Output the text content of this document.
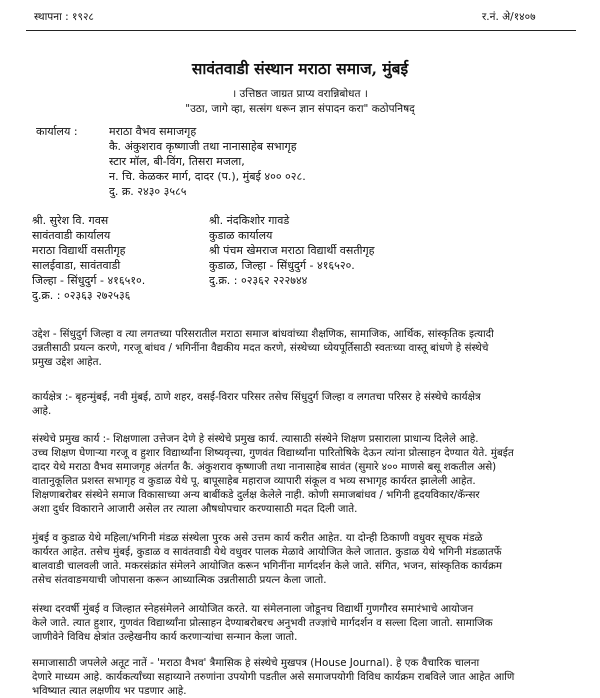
स्थापना : १९२८	र.नं. अे/१४०७
सावंतवाडी संस्थान मराठा समाज, मुंबई
। उत्तिष्ठत जाग्रत प्राप्य वरान्निबोधत ।
"उठा, जागे व्हा, सत्संग धरून ज्ञान संपादन करा" कठोपनिषद्
कार्यालय :	मराठा वैभव समाजगृह
कै. अंकुशराव कृष्णाजी तथा नानासाहेब सभागृह
स्टार मॉल, बी-विंग, तिसरा मजला,
न. चि. केळकर मार्ग, दादर (प.), मुंबई ४०० ०२८.
दु. क्र. २४३० ३५८५
श्री. सुरेश वि. गवस
सावंतवाडी कार्यालय
मराठा विद्यार्थी वसतीगृह
सालईवाडा, सावंतवाडी
जिल्हा - सिंधुदुर्ग - ४१६५१०.
दु.क्र. : ०२३६३ २७२५३६
श्री. नंदकिशोर गावडे
कुडाळ कार्यालय
श्री पंचम खेमराज मराठा विद्यार्थी वसतीगृह
कुडाळ, जिल्हा - सिंधुदुर्ग - ४१६५२०.
दु.क्र. : ०२३६२ २२२७४४
उद्देश - सिंधुदुर्ग जिल्हा व त्या लगतच्या परिसरातील मराठा समाज बांधवांच्या शैक्षणिक, सामाजिक, आर्थिक, सांस्कृतिक इत्यादी
उन्नतीसाठी प्रयत्न करणे, गरजू बांधव / भगिनींना वैद्यकीय मदत करणे, संस्थेच्या ध्येयपूर्तिसाठी स्वतःच्या वास्तू बांधणे हे संस्थेचे
प्रमुख उद्देश आहेत.
कार्यक्षेत्र :- बृहन्मुंबई, नवी मुंबई, ठाणे शहर, वसई-विरार परिसर तसेच सिंधुदुर्ग जिल्हा व लगतचा परिसर हे संस्थेचे कार्यक्षेत्र
आहे.
संस्थेचे प्रमुख कार्य :- शिक्षणाला उत्तेजन देणे हे संस्थेचे प्रमुख कार्य. त्यासाठी संस्थेने शिक्षण प्रसाराला प्राधान्य दिलेले आहे.
उच्च शिक्षण घेणाऱ्या गरजू व हुशार विद्यार्थ्यांना शिष्यवृत्त्या, गुणवंत विद्यार्थ्यांना पारितोषिके देऊन त्यांना प्रोत्साहन देण्यात येते. मुंबईत
दादर येथे मराठा वैभव समाजगृह अंतर्गत कै. अंकुशराव कृष्णाजी तथा नानासाहेब सावंत (सुमारे ४०० माणसे बसू शकतील असे)
वातानुकूलित प्रशस्त सभागृह व कुडाळ येथे पू. बापूसाहेब महाराज व्यापारी संकूल व भव्य सभागृह कार्यरत झालेली आहेत.
शिक्षणाबरोबर संस्थेने समाज विकासाच्या अन्य बाबींकडे दुर्लक्ष केलेले नाही. कोणी समाजबांधव / भगिनी हृदयविकार/कॅन्सर
अशा दुर्धर विकाराने आजारी असेल तर त्याला औषधोपचार करण्यासाठी मदत दिली जाते.
मुंबई व कुडाळ येथे महिला/भगिनी मंडळ संस्थेला पुरक असे उत्तम कार्य करीत आहेत. या दोन्ही ठिकाणी वधुवर सूचक मंडळे
कार्यरत आहेत. तसेच मुंबई, कुडाळ व सावंतवाडी येथे वधुवर पालक मेळावे आयोजित केले जातात. कुडाळ येथे भगिनी मंडळातर्फे
बालवाडी चालवली जाते. मकरसंक्रांत संमेलने आयोजित करून भगिनींना मार्गदर्शन केले जाते. संगित, भजन, सांस्कृतिक कार्यक्रम
तसेच संतवाङमयाची जोपासना करून आध्यात्मिक उन्नतीसाठी प्रयत्न केला जातो.
संस्था दरवर्षी मुंबई व जिल्हात स्नेहसंमेलने आयोजित करते. या संमेलनाला जोडूनच विद्यार्थी गुणगौरव समारंभाचे आयोजन
केले जाते. त्यात हुशार, गुणवंत विद्यार्थ्यांना प्रोत्साहन देण्याबरोबरच अनुभवी तज्ज्ञांचे मार्गदर्शन व सल्ला दिला जातो. सामाजिक
जाणीवेने विविध क्षेत्रांत उल्हेखनीय कार्य करणाऱ्यांचा सन्मान केला जातो.
समाजासाठी जपलेले अतूट नातें - 'मराठा वैभव' त्रैमासिक हे संस्थेचे मुखपत्र (House Journal). हे एक वैचारिक चालना
देणारे माध्यम आहे. कार्यकर्त्यांच्या सहाय्याने तरुणांना उपयोगी पडतील असे समाजपयोगी विविध कार्यक्रम राबविले जात आहेत आणि
भविष्यात त्यात लक्षणीय भर पडणार आहे.
